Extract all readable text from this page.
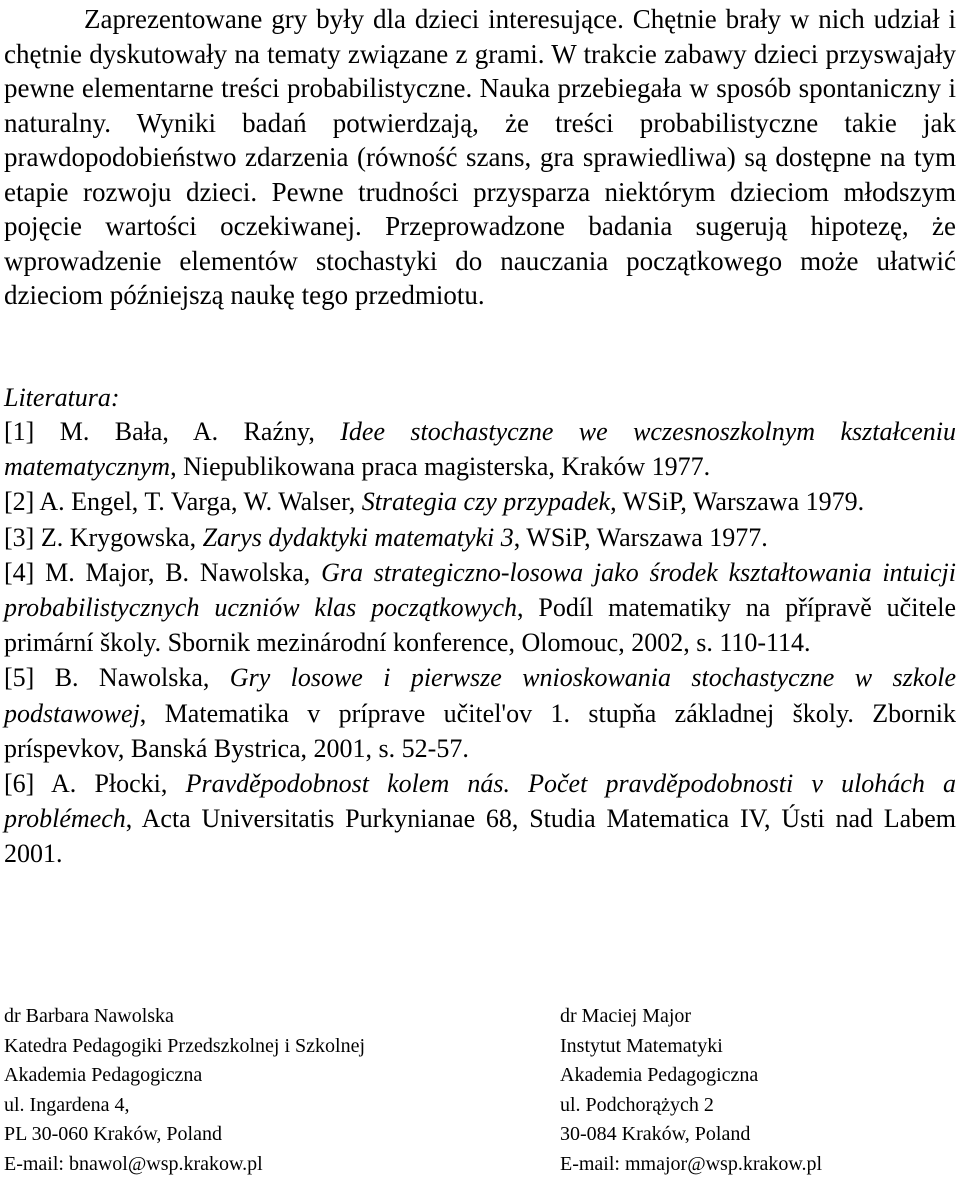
Zaprezentowane gry były dla dzieci interesujące. Chętnie brały w nich udział i chętnie dyskutowały na tematy związane z grami. W trakcie zabawy dzieci przyswajały pewne elementarne treści probabilistyczne. Nauka przebiegała w sposób spontaniczny i naturalny. Wyniki badań potwierdzają, że treści probabilistyczne takie jak prawdopodobieństwo zdarzenia (równość szans, gra sprawiedliwa) są dostępne na tym etapie rozwoju dzieci. Pewne trudności przysparza niektórym dzieciom młodszym pojęcie wartości oczekiwanej. Przeprowadzone badania sugerują hipotezę, że wprowadzenie elementów stochastyki do nauczania początkowego może ułatwić dzieciom późniejszą naukę tego przedmiotu.

Literatura:

[1] M. Bała, A. Raźny, Idee stochastyczne we wczesnoszkolnym kształceniu matematycznym, Niepublikowana praca magisterska, Kraków 1977.
[2] A. Engel, T. Varga, W. Walser, Strategia czy przypadek, WSiP, Warszawa 1979.
[3] Z. Krygowska, Zarys dydaktyki matematyki 3, WSiP, Warszawa 1977.
[4] M. Major, B. Nawolska, Gra strategiczno-losowa jako środek kształtowania intuicji probabilistycznych uczniów klas początkowych, Podíl matematiky na přípravě učitele primární školy. Sbornik mezinárodní konference, Olomouc, 2002, s. 110-114.
[5] B. Nawolska, Gry losowe i pierwsze wnioskowania stochastyczne w szkole podstawowej, Matematika v príprave učitel'ov 1. stupňa základnej školy. Zbornik príspevkov, Banská Bystrica, 2001, s. 52-57.
[6] A. Płocki, Pravděpodobnost kolem nás. Počet pravděpodobnosti v ulohách a problémech, Acta Universitatis Purkynianae 68, Studia Matematica IV, Ústi nad Labem 2001.
dr Barbara Nawolska
Katedra Pedagogiki Przedszkolnej i Szkolnej
Akademia Pedagogiczna
ul. Ingardena 4,
PL 30-060 Kraków, Poland
E-mail: bnawol@wsp.krakow.pl
dr Maciej Major
Instytut Matematyki
Akademia Pedagogiczna
ul. Podchorążych 2
30-084 Kraków, Poland
E-mail: mmajor@wsp.krakow.pl
